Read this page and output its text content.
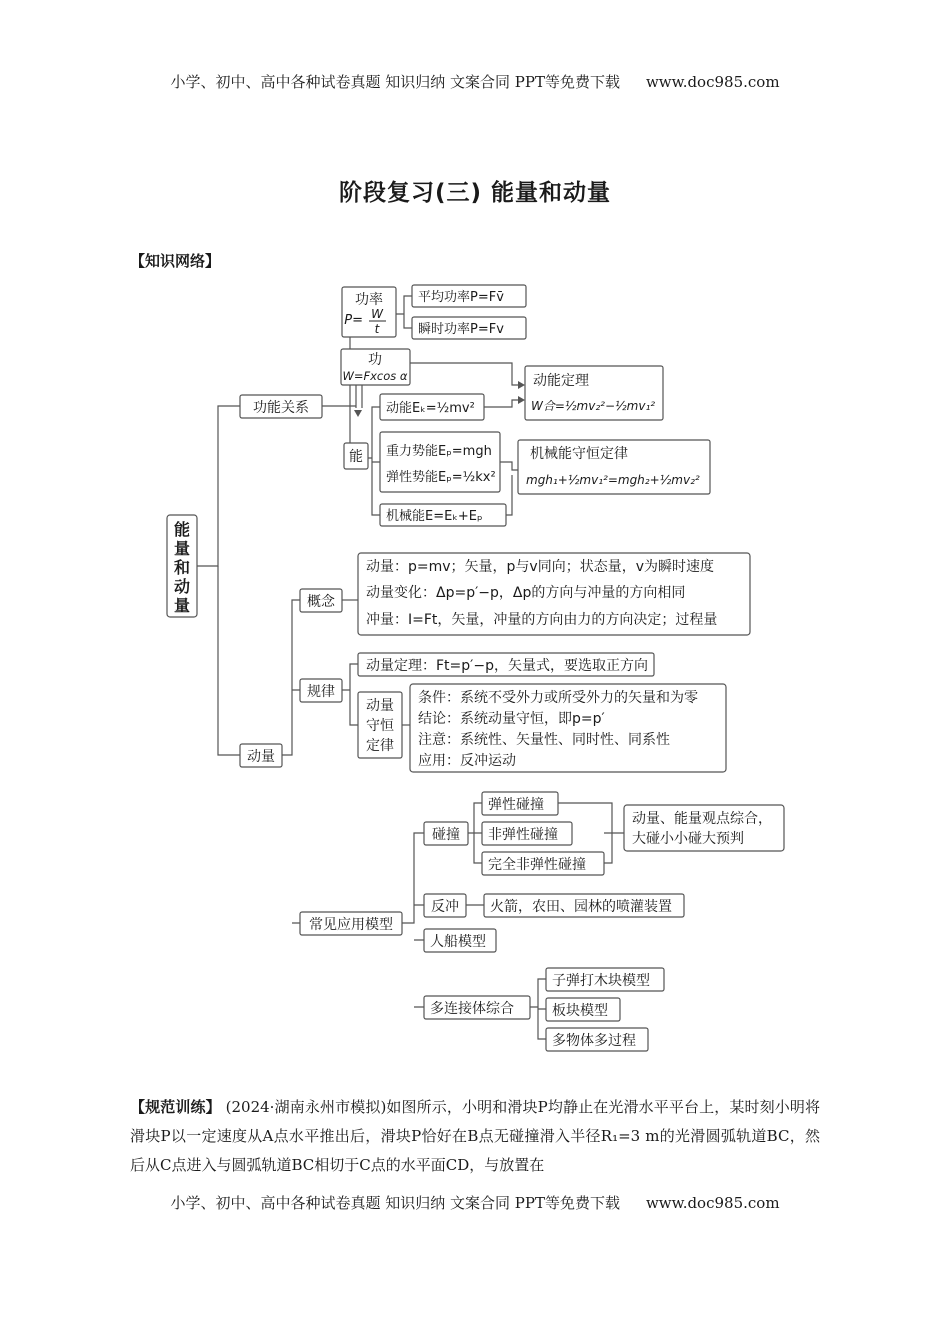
小学、初中、高中各种试卷真题 知识归纳 文案合同 PPT等免费下载 www.doc985.com
阶段复习(三) 能量和动量
【知识网络】
能
量
和
动
量
功能关系
功率
P= W
t
平均功率P=Fv̄
瞬时功率P=Fv
功
W=Fxcos α
能
动能Eₖ=½mv²
重力势能Eₚ=mgh
弹性势能Eₚ=½kx²
机械能E=Eₖ+Eₚ
动能定理
W合=½mv₂²−½mv₁²
机械能守恒定律
mgh₁+½mv₁²=mgh₂+½mv₂²
动量
概念
动量：p=mv；矢量，p与v同向；状态量，v为瞬时速度
动量变化：Δp=p′−p，Δp的方向与冲量的方向相同
冲量：I=Ft，矢量，冲量的方向由力的方向决定；过程量
规律
动量定理：Ft=p′−p，矢量式，要选取正方向
动量
守恒
定律
条件：系统不受外力或所受外力的矢量和为零
结论：系统动量守恒，即p=p′
注意：系统性、矢量性、同时性、同系性
应用：反冲运动
常见应用模型
碰撞
弹性碰撞
非弹性碰撞
完全非弹性碰撞
动量、能量观点综合，
大碰小小碰大预判
反冲 火箭，农田、园林的喷灌装置
人船模型
多连接体综合
子弹打木块模型
板块模型
多物体多过程
【规范训练】 (2024·湖南永州市模拟)如图所示，小明和滑块P均静止在光滑水平平台上，某时刻小明将滑块P以一定速度从A点水平推出后，滑块P恰好在B点无碰撞滑入半径R₁=3 m的光滑圆弧轨道BC，然后从C点进入与圆弧轨道BC相切于C点的水平面CD，与放置在
小学、初中、高中各种试卷真题 知识归纳 文案合同 PPT等免费下载 www.doc985.com
